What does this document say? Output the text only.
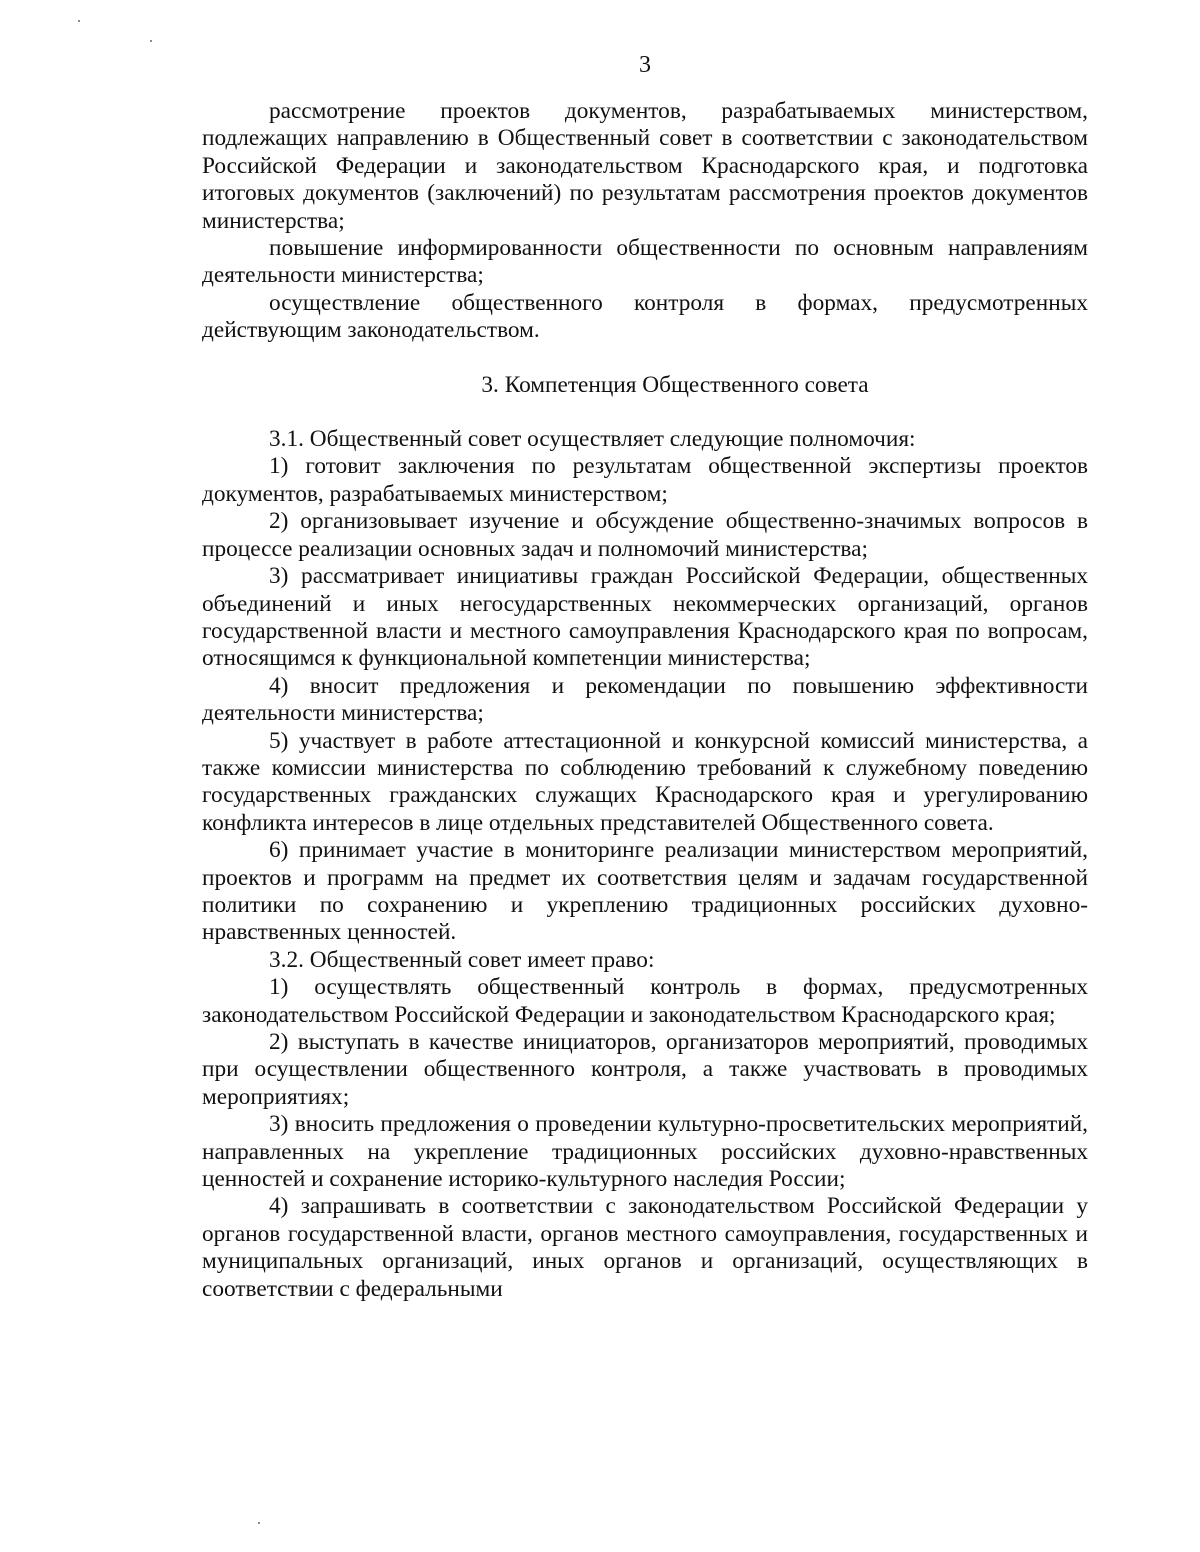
3

рассмотрение проектов документов, разрабатываемых министерством, подлежащих направлению в Общественный совет в соответствии с законодательством Российской Федерации и законодательством Краснодарского края, и подготовка итоговых документов (заключений) по результатам рассмотрения проектов документов министерства;

повышение информированности общественности по основным направлениям деятельности министерства;

осуществление общественного контроля в формах, предусмотренных действующим законодательством.

3. Компетенция Общественного совета

3.1. Общественный совет осуществляет следующие полномочия:

1) готовит заключения по результатам общественной экспертизы проектов документов, разрабатываемых министерством;

2) организовывает изучение и обсуждение общественно-значимых вопросов в процессе реализации основных задач и полномочий министерства;

3) рассматривает инициативы граждан Российской Федерации, общественных объединений и иных негосударственных некоммерческих организаций, органов государственной власти и местного самоуправления Краснодарского края по вопросам, относящимся к функциональной компетенции министерства;

4) вносит предложения и рекомендации по повышению эффективности деятельности министерства;

5) участвует в работе аттестационной и конкурсной комиссий министерства, а также комиссии министерства по соблюдению требований к служебному поведению государственных гражданских служащих Краснодарского края и урегулированию конфликта интересов в лице отдельных представителей Общественного совета.

6) принимает участие в мониторинге реализации министерством мероприятий, проектов и программ на предмет их соответствия целям и задачам государственной политики по сохранению и укреплению традиционных российских духовно-нравственных ценностей.

3.2. Общественный совет имеет право:

1) осуществлять общественный контроль в формах, предусмотренных законодательством Российской Федерации и законодательством Краснодарского края;

2) выступать в качестве инициаторов, организаторов мероприятий, проводимых при осуществлении общественного контроля, а также участвовать в проводимых мероприятиях;

3) вносить предложения о проведении культурно-просветительских мероприятий, направленных на укрепление традиционных российских духовно-нравственных ценностей и сохранение историко-культурного наследия России;

4) запрашивать в соответствии с законодательством Российской Федерации у органов государственной власти, органов местного самоуправления, государственных и муниципальных организаций, иных органов и организаций, осуществляющих в соответствии с федеральными
